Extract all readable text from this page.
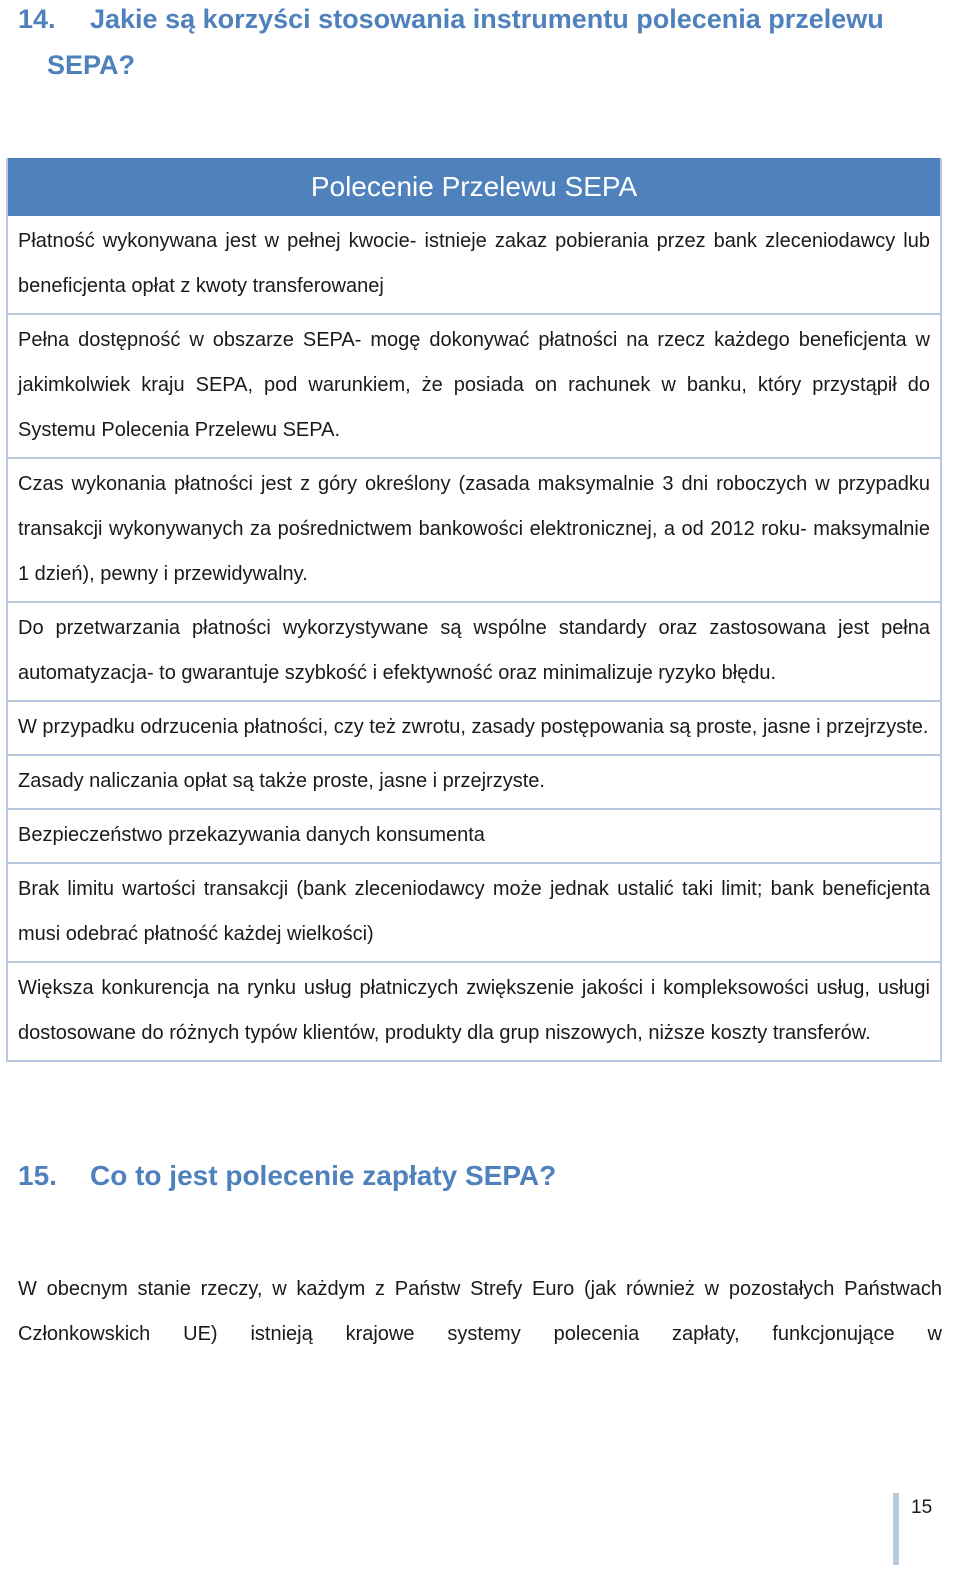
14. Jakie są korzyści stosowania instrumentu polecenia przelewu
SEPA?
Polecenie Przelewu SEPA
Płatność wykonywana jest w pełnej kwocie- istnieje zakaz pobierania przez bank zleceniodawcy lub beneficjenta opłat z kwoty transferowanej
Pełna dostępność w obszarze SEPA- mogę dokonywać płatności na rzecz każdego beneficjenta w jakimkolwiek kraju SEPA, pod warunkiem, że posiada on rachunek w banku, który przystąpił do Systemu Polecenia Przelewu SEPA.
Czas wykonania płatności jest z góry określony (zasada maksymalnie 3 dni roboczych w przypadku transakcji wykonywanych za pośrednictwem bankowości elektronicznej, a od 2012 roku- maksymalnie 1 dzień), pewny i przewidywalny.
Do przetwarzania płatności wykorzystywane są wspólne standardy oraz zastosowana jest pełna automatyzacja- to gwarantuje szybkość i efektywność oraz minimalizuje ryzyko błędu.
W przypadku odrzucenia płatności, czy też zwrotu, zasady postępowania są proste, jasne i przejrzyste.
Zasady naliczania opłat są także proste, jasne i przejrzyste.
Bezpieczeństwo przekazywania danych konsumenta
Brak limitu wartości transakcji (bank zleceniodawcy może jednak ustalić taki limit; bank beneficjenta musi odebrać płatność każdej wielkości)
Większa konkurencja na rynku usług płatniczych zwiększenie jakości i kompleksowości usług, usługi dostosowane do różnych typów klientów, produkty dla grup niszowych, niższe koszty transferów.
15. Co to jest polecenie zapłaty SEPA?

W obecnym stanie rzeczy, w każdym z Państw Strefy Euro (jak również w pozostałych Państwach Członkowskich UE) istnieją krajowe systemy polecenia zapłaty, funkcjonujące w

15
